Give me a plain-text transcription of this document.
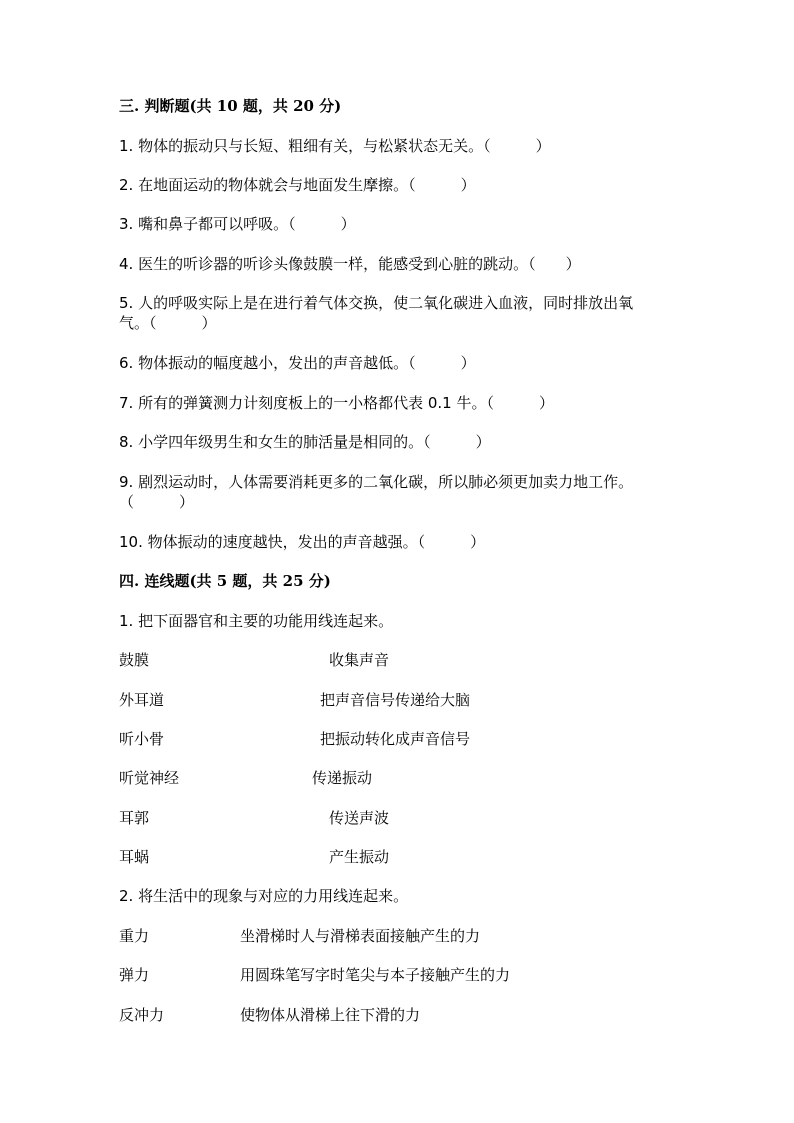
三. 判断题(共 10 题，共 20 分)
1. 物体的振动只与长短、粗细有关，与松紧状态无关。（　　　）
2. 在地面运动的物体就会与地面发生摩擦。（　　　）
3. 嘴和鼻子都可以呼吸。（　　　）
4. 医生的听诊器的听诊头像鼓膜一样，能感受到心脏的跳动。（　　）
5. 人的呼吸实际上是在进行着气体交换，使二氧化碳进入血液，同时排放出氧
气。（　　　）
6. 物体振动的幅度越小，发出的声音越低。（　　　）
7. 所有的弹簧测力计刻度板上的一小格都代表 0.1 牛。（　　　）
8. 小学四年级男生和女生的肺活量是相同的。（　　　）
9. 剧烈运动时，人体需要消耗更多的二氧化碳，所以肺必须更加卖力地工作。
（　　　）
10. 物体振动的速度越快，发出的声音越强。（　　　）
四. 连线题(共 5 题，共 25 分)
1. 把下面器官和主要的功能用线连起来。
鼓膜	收集声音
外耳道	把声音信号传递给大脑
听小骨	把振动转化成声音信号
听觉神经	传递振动
耳郭	传送声波
耳蜗	产生振动
2. 将生活中的现象与对应的力用线连起来。
重力	坐滑梯时人与滑梯表面接触产生的力
弹力	用圆珠笔写字时笔尖与本子接触产生的力
反冲力	使物体从滑梯上往下滑的力
